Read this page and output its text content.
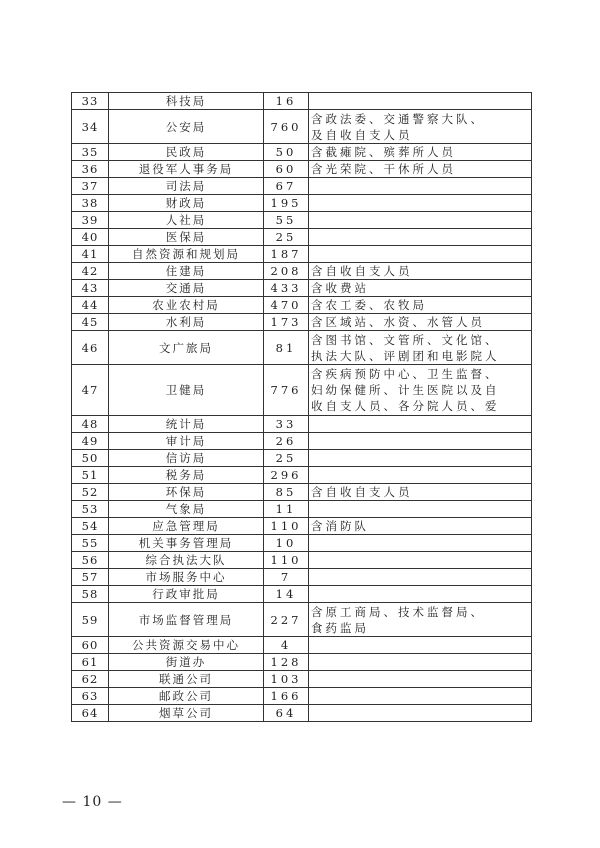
33	科技局	16	
34	公安局	760	含政法委、交通警察大队、
及自收自支人员

35	民政局	50	含截瘫院、殡葬所人员

36	退役军人事务局	60	含光荣院、干休所人员

37	司法局	67	
38	财政局	195	
39	人社局	55	
40	医保局	25	
41	自然资源和规划局	187	
42	住建局	208	含自收自支人员

43	交通局	433	含收费站

44	农业农村局	470	含农工委、农牧局

45	水利局	173	含区域站、水资、水管人员

46	文广旅局	81	含图书馆、文管所、文化馆、
执法大队、评剧团和电影院人

47	卫健局	776	含疾病预防中心、卫生监督、
妇幼保健所、计生医院以及自
收自支人员、各分院人员、爱

48	统计局	33	
49	审计局	26	
50	信访局	25	
51	税务局	296	
52	环保局	85	含自收自支人员

53	气象局	11	
54	应急管理局	110	含消防队

55	机关事务管理局	10	
56	综合执法大队	110	
57	市场服务中心	7	
58	行政审批局	14	
59	市场监督管理局	227	含原工商局、技术监督局、
食药监局

60	公共资源交易中心	4	
61	街道办	128	
62	联通公司	103	
63	邮政公司	166	
64	烟草公司	64	
— 10 —
